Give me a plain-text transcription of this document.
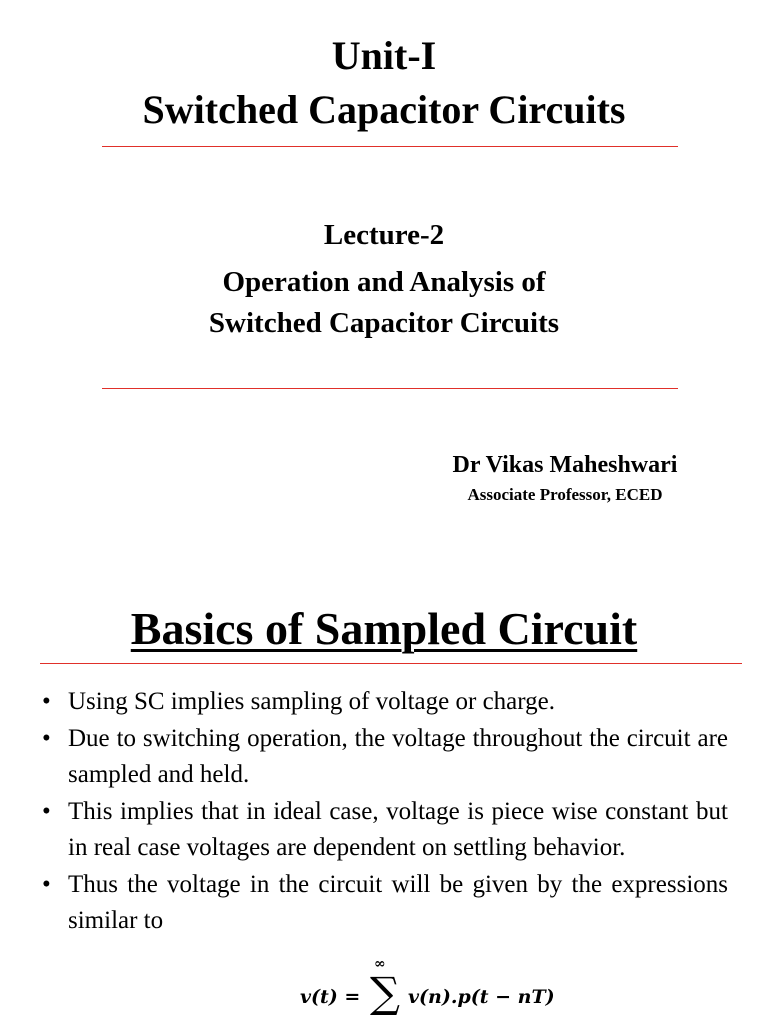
Unit-I
Switched Capacitor Circuits
Lecture-2
Operation and Analysis of
Switched Capacitor Circuits
Dr Vikas Maheshwari
Associate Professor, ECED
Basics of Sampled Circuit
• Using SC implies sampling of voltage or charge.
• Due to switching operation, the voltage throughout the circuit are sampled and held.
• This implies that in ideal case, voltage is piece wise constant but in real case voltages are dependent on settling behavior.
• Thus the voltage in the circuit will be given by the expressions similar to
v(t) =
∞
∑ v(n).p(t − nT)
